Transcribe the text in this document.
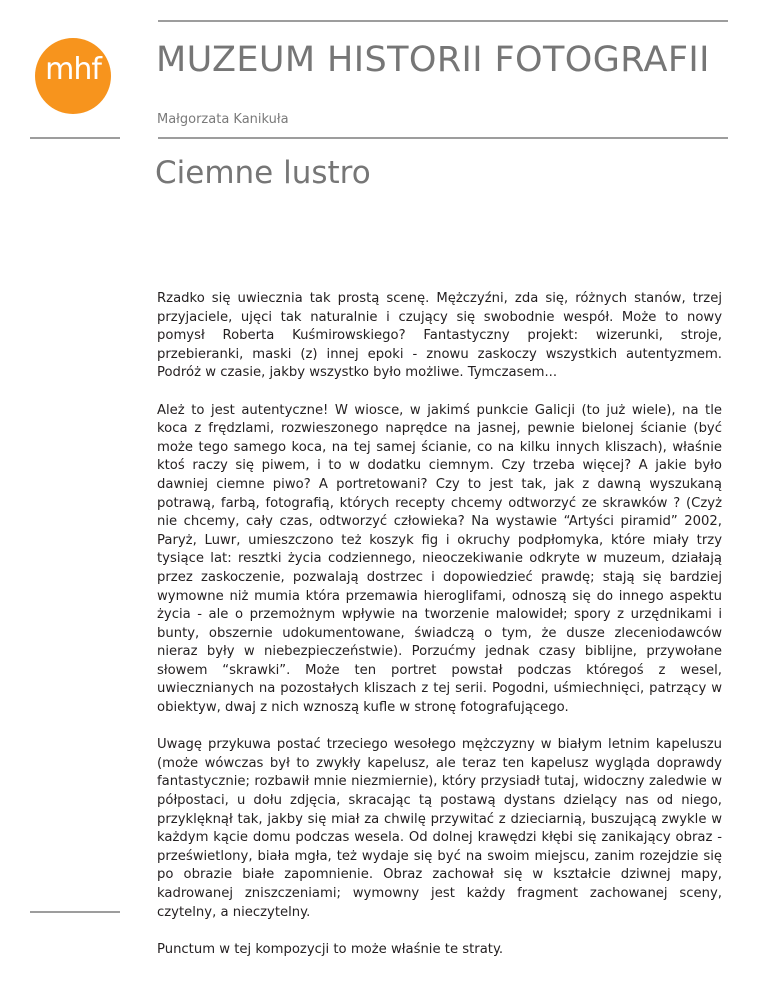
mhf MUZEUM HISTORII FOTOGRAFII
Małgorzata Kanikuła
Ciemne lustro

Rzadko się uwiecznia tak prostą scenę. Mężczyźni, zda się, różnych stanów, trzej przyjaciele, ujęci tak naturalnie i czujący się swobodnie wespół. Może to nowy pomysł Roberta Kuśmirowskiego? Fantastyczny projekt: wizerunki, stroje, przebieranki, maski (z) innej epoki - znowu zaskoczy wszystkich autentyzmem. Podróż w czasie, jakby wszystko było możliwe. Tymczasem...

Ależ to jest autentyczne! W wiosce, w jakimś punkcie Galicji (to już wiele), na tle koca z frędzlami, rozwieszonego naprędce na jasnej, pewnie bielonej ścianie (być może tego samego koca, na tej samej ścianie, co na kilku innych kliszach), właśnie ktoś raczy się piwem, i to w dodatku ciemnym. Czy trzeba więcej? A jakie było dawniej ciemne piwo? A portretowani? Czy to jest tak, jak z dawną wyszukaną potrawą, farbą, fotografią, których recepty chcemy odtworzyć ze skrawków ? (Czyż nie chcemy, cały czas, odtworzyć człowieka? Na wystawie “Artyści piramid” 2002, Paryż, Luwr, umieszczono też koszyk fig i okruchy podpłomyka, które miały trzy tysiące lat: resztki życia codziennego, nieoczekiwanie odkryte w muzeum, działają przez zaskoczenie, pozwalają dostrzec i dopowiedzieć prawdę; stają się bardziej wymowne niż mumia która przemawia hieroglifami, odnoszą się do innego aspektu życia - ale o przemożnym wpływie na tworzenie malowideł; spory z urzędnikami i bunty, obszernie udokumentowane, świadczą o tym, że dusze zleceniodawców nieraz były w niebezpieczeństwie). Porzućmy jednak czasy biblijne, przywołane słowem “skrawki”. Może ten portret powstał podczas któregoś z wesel, uwiecznianych na pozostałych kliszach z tej serii. Pogodni, uśmiechnięci, patrzący w obiektyw, dwaj z nich wznoszą kufle w stronę fotografującego.

Uwagę przykuwa postać trzeciego wesołego mężczyzny w białym letnim kapeluszu (może wówczas był to zwykły kapelusz, ale teraz ten kapelusz wygląda doprawdy fantastycznie; rozbawił mnie niezmiernie), który przysiadł tutaj, widoczny zaledwie w półpostaci, u dołu zdjęcia, skracając tą postawą dystans dzielący nas od niego, przyklęknął tak, jakby się miał za chwilę przywitać z dzieciarnią, buszującą zwykle w każdym kącie domu podczas wesela. Od dolnej krawędzi kłębi się zanikający obraz - prześwietlony, biała mgła, też wydaje się być na swoim miejscu, zanim rozejdzie się po obrazie białe zapomnienie. Obraz zachował się w kształcie dziwnej mapy, kadrowanej zniszczeniami; wymowny jest każdy fragment zachowanej sceny, czytelny, a nieczytelny.

Punctum w tej kompozycji to może właśnie te straty.
